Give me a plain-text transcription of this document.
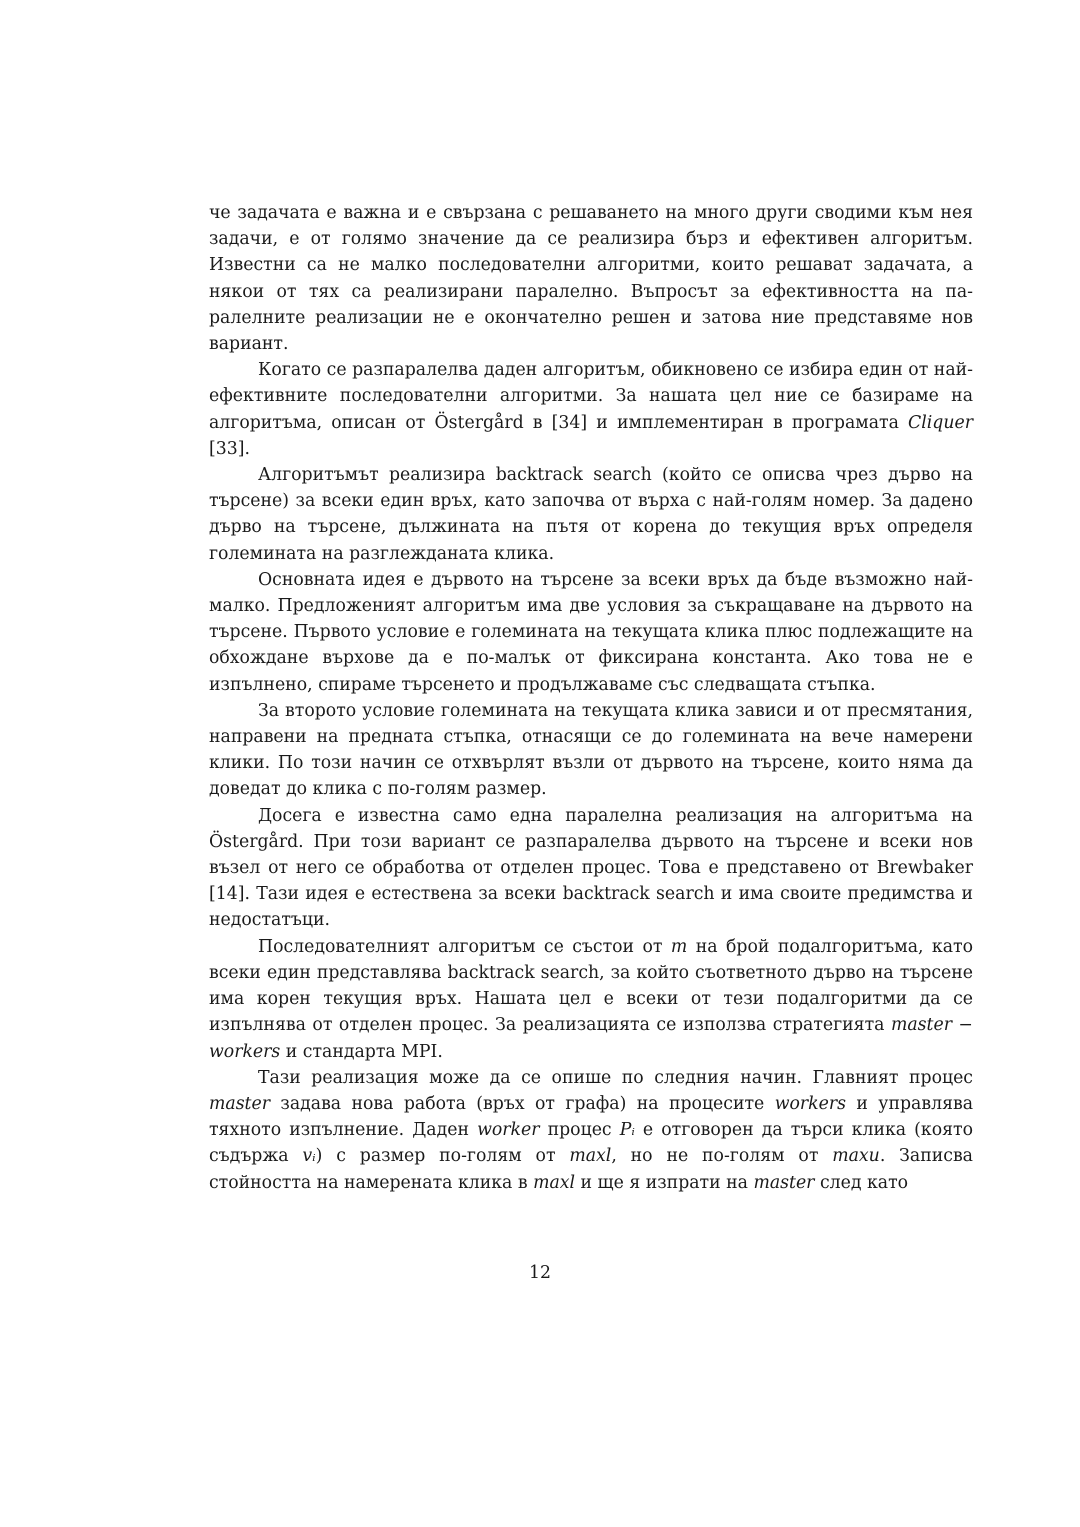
че задачата е важна и е свързана с решаването на много други сводими към нея задачи, е от голямо значение да се реализира бърз и ефективен алгоритъм. Известни са не малко последователни алгоритми, които решават задачата, а някои от тях са реализирани паралелно. Въпросът за ефективността на паралелните реализации не е окончателно решен и затова ние представяме нов вариант.

Когато се разпаралелва даден алгоритъм, обикновено се избира един от най-ефективните последователни алгоритми. За нашата цел ние се базираме на алгоритъма, описан от Östergård в [34] и имплементиран в програмата Cliquer [33].

Алгоритъмът реализира backtrack search (който се описва чрез дърво на търсене) за всеки един връх, като започва от върха с най-голям номер. За дадено дърво на търсене, дължината на пътя от корена до текущия връх определя големината на разглежданата клика.

Основната идея е дървото на търсене за всеки връх да бъде възможно най-малко. Предложеният алгоритъм има две условия за съкращаване на дървото на търсене. Първото условие е големината на текущата клика плюс подлежащите на обхождане върхове да е по-малък от фиксирана константа. Ако това не е изпълнено, спираме търсенето и продължаваме със следващата стъпка.

За второто условие големината на текущата клика зависи и от пресмятания, направени на предната стъпка, отнасящи се до големината на вече намерени клики. По този начин се отхвърлят възли от дървото на търсене, които няма да доведат до клика с по-голям размер.

Досега е известна само една паралелна реализация на алгоритъма на Östergård. При този вариант се разпаралелва дървото на търсене и всеки нов възел от него се обработва от отделен процес. Това е представено от Brewbaker [14]. Тази идея е естествена за всеки backtrack search и има своите предимства и недостатъци.

Последователният алгоритъм се състои от m на брой подалгоритъма, като всеки един представлява backtrack search, за който съответното дърво на търсене има корен текущия връх. Нашата цел е всеки от тези подалгоритми да се изпълнява от отделен процес. За реализацията се използва стратегията master − workers и стандарта MPI.

Тази реализация може да се опише по следния начин. Главният процес master задава нова работа (връх от графа) на процесите workers и управлява тяхното изпълнение. Даден worker процес Pᵢ е отговорен да търси клика (която съдържа vᵢ) с размер по-голям от maxl, но не по-голям от maxu. Записва стойността на намерената клика в maxl и ще я изпрати на master след като

12
